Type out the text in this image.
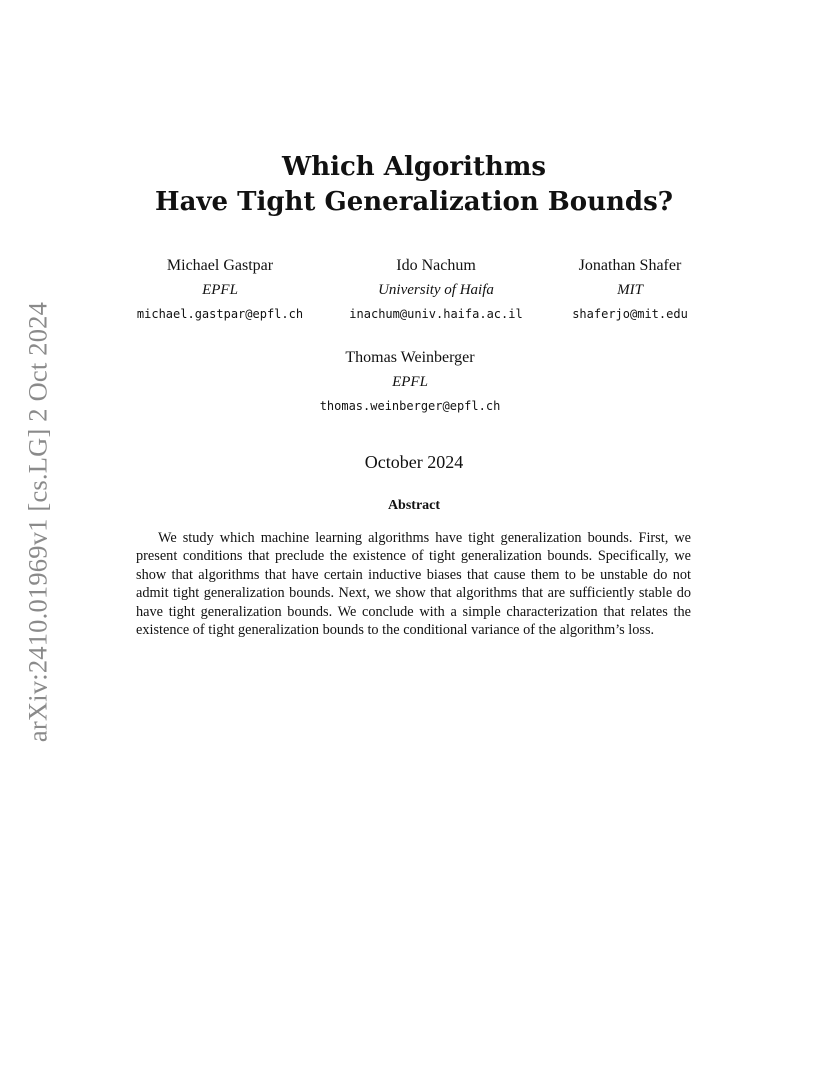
arXiv:2410.01969v1 [cs.LG] 2 Oct 2024
Which Algorithms
Have Tight Generalization Bounds?
Michael Gastpar
EPFL
michael.gastpar@epfl.ch
Ido Nachum
University of Haifa
inachum@univ.haifa.ac.il
Jonathan Shafer
MIT
shaferjo@mit.edu
Thomas Weinberger
EPFL
thomas.weinberger@epfl.ch
October 2024
Abstract

We study which machine learning algorithms have tight generalization bounds. First, we present conditions that preclude the existence of tight generalization bounds. Specifically, we show that algorithms that have certain inductive biases that cause them to be unstable do not admit tight generalization bounds. Next, we show that algorithms that are sufficiently stable do have tight generalization bounds. We conclude with a simple characterization that relates the existence of tight generalization bounds to the conditional variance of the algorithm’s loss.
